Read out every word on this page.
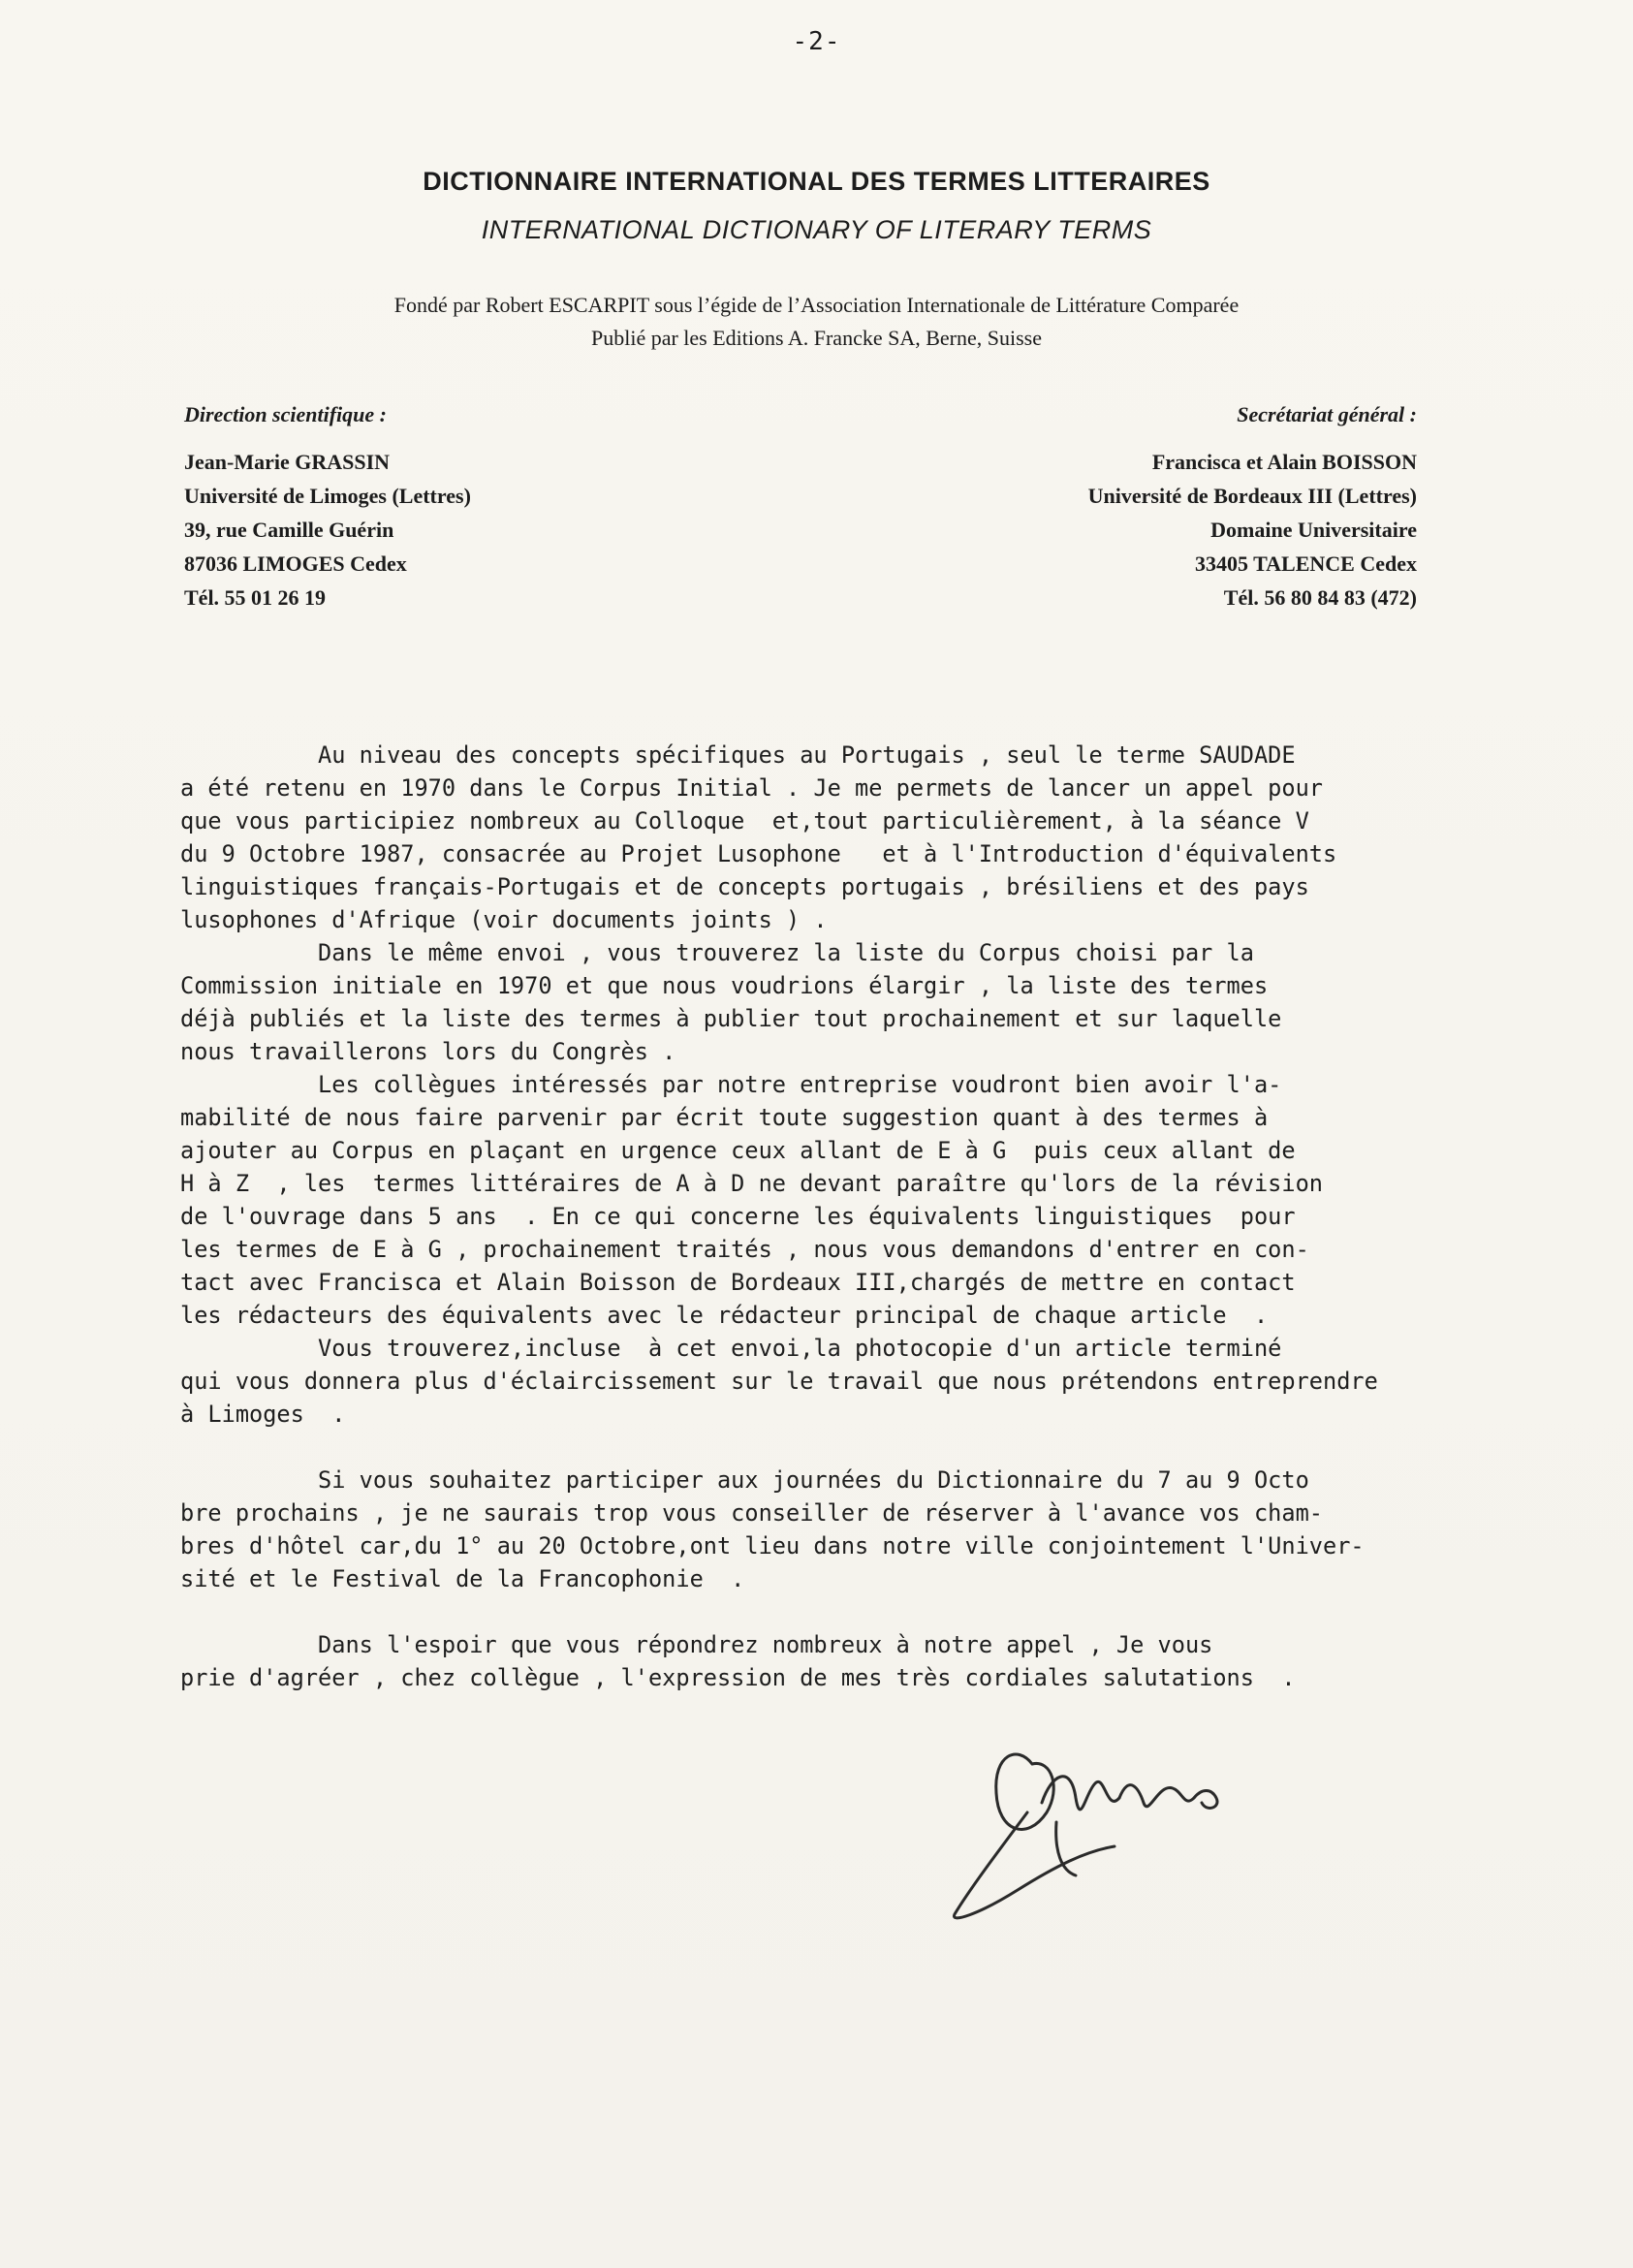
-2-
DICTIONNAIRE INTERNATIONAL DES TERMES LITTERAIRES
INTERNATIONAL DICTIONARY OF LITERARY TERMS
Fondé par Robert ESCARPIT sous l’égide de l’Association Internationale de Littérature Comparée
Publié par les Editions A. Francke SA, Berne, Suisse
Direction scientifique :
Jean-Marie GRASSIN
Université de Limoges (Lettres)
39, rue Camille Guérin
87036 LIMOGES Cedex
Tél. 55 01 26 19
Secrétariat général :
Francisca et Alain BOISSON
Université de Bordeaux III (Lettres)
Domaine Universitaire
33405 TALENCE Cedex
Tél. 56 80 84 83 (472)
Au niveau des concepts spécifiques au Portugais , seul le terme SAUDADE
a été retenu en 1970 dans le Corpus Initial . Je me permets de lancer un appel pour
que vous participiez nombreux au Colloque  et,tout particulièrement, à la séance V
du 9 Octobre 1987, consacrée au Projet Lusophone   et à l'Introduction d'équivalents
linguistiques français-Portugais et de concepts portugais , brésiliens et des pays
lusophones d'Afrique (voir documents joints ) .
Dans le même envoi , vous trouverez la liste du Corpus choisi par la
Commission initiale en 1970 et que nous voudrions élargir , la liste des termes
déjà publiés et la liste des termes à publier tout prochainement et sur laquelle
nous travaillerons lors du Congrès .
Les collègues intéressés par notre entreprise voudront bien avoir l'a-
mabilité de nous faire parvenir par écrit toute suggestion quant à des termes à
ajouter au Corpus en plaçant en urgence ceux allant de E à G  puis ceux allant de
H à Z  , les  termes littéraires de A à D ne devant paraître qu'lors de la révision
de l'ouvrage dans 5 ans  . En ce qui concerne les équivalents linguistiques  pour
les termes de E à G , prochainement traités , nous vous demandons d'entrer en con-
tact avec Francisca et Alain Boisson de Bordeaux III,chargés de mettre en contact
les rédacteurs des équivalents avec le rédacteur principal de chaque article  .
Vous trouverez,incluse  à cet envoi,la photocopie d'un article terminé
qui vous donnera plus d'éclaircissement sur le travail que nous prétendons entreprendre
à Limoges  .
Si vous souhaitez participer aux journées du Dictionnaire du 7 au 9 Octo
bre prochains , je ne saurais trop vous conseiller de réserver à l'avance vos cham-
bres d'hôtel car,du 1° au 20 Octobre,ont lieu dans notre ville conjointement l'Univer-
sité et le Festival de la Francophonie  .
Dans l'espoir que vous répondrez nombreux à notre appel , Je vous
prie d'agréer , chez collègue , l'expression de mes très cordiales salutations  .
